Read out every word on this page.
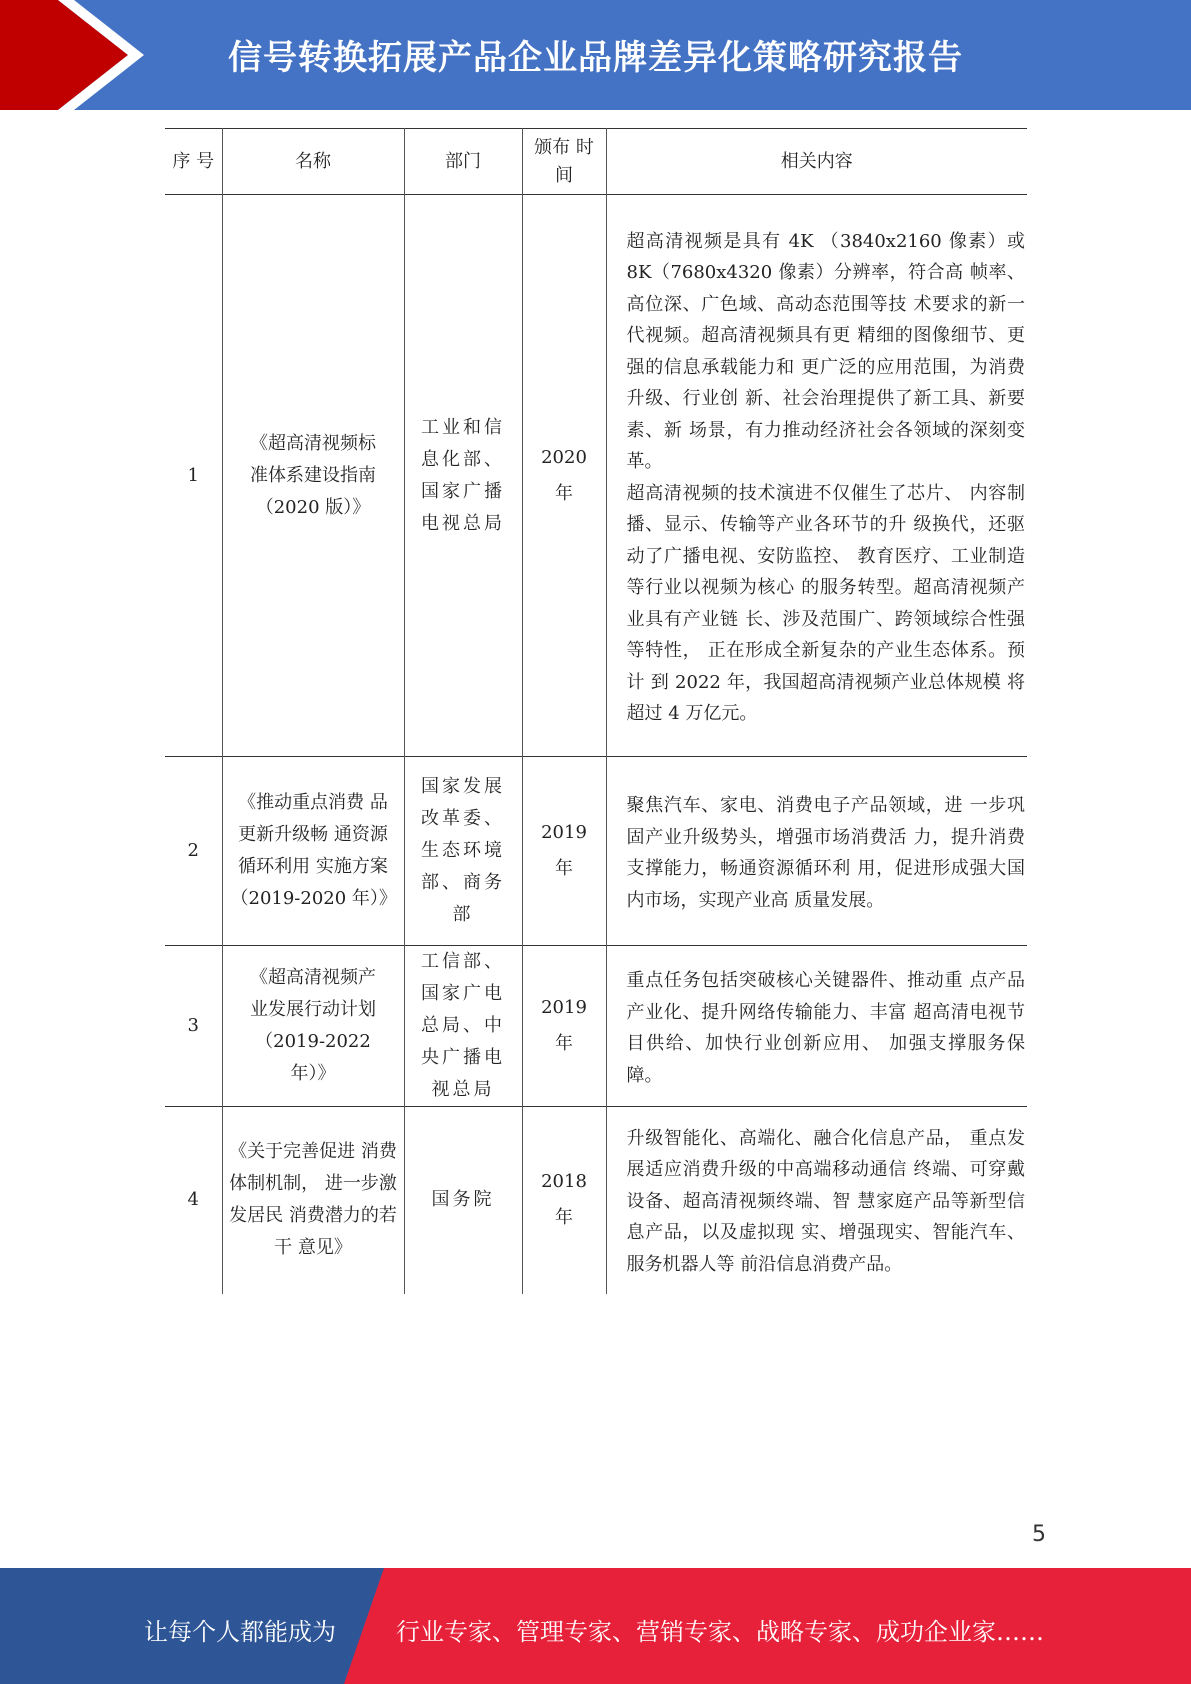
信号转换拓展产品企业品牌差异化策略研究报告
序 号	名称	部门	颁布 时间	相关内容
1	《超高清视频标准体系建设指南（2020 版）》	工业和信息化部、国家广播电视总局	2020 年	超高清视频是具有 4K （3840x2160 像素）或 8K（7680x4320 像素）分辨率，符合高 帧率、高位深、广色域、高动态范围等技 术要求的新一代视频。超高清视频具有更 精细的图像细节、更强的信息承载能力和 更广泛的应用范围，为消费升级、行业创 新、社会治理提供了新工具、新要素、新 场景，有力推动经济社会各领域的深刻变 革。

超高清视频的技术演进不仅催生了芯片、 内容制播、显示、传输等产业各环节的升 级换代，还驱动了广播电视、安防监控、 教育医疗、工业制造等行业以视频为核心 的服务转型。超高清视频产业具有产业链 长、涉及范围广、跨领域综合性强等特性， 正在形成全新复杂的产业生态体系。预计 到 2022 年，我国超高清视频产业总体规模 将超过 4 万亿元。

2	《推动重点消费 品更新升级畅 通资源循环利用 实施方案（2019-2020 年）》	国家发展改革委、生态环境部、商务部	2019 年	聚焦汽车、家电、消费电子产品领域，进 一步巩固产业升级势头，增强市场消费活 力，提升消费支撑能力，畅通资源循环利 用，促进形成强大国内市场，实现产业高 质量发展。

3	《超高清视频产业发展行动计划（2019-2022 年）》	工信部、国家广电总局、中央广播电视总局	2019 年	重点任务包括突破核心关键器件、推动重 点产品产业化、提升网络传输能力、丰富 超高清电视节目供给、加快行业创新应用、 加强支撑服务保障。

4	《关于完善促进 消费体制机制， 进一步激发居民 消费潜力的若干 意见》	国务院	2018 年	升级智能化、高端化、融合化信息产品， 重点发展适应消费升级的中高端移动通信 终端、可穿戴设备、超高清视频终端、智 慧家庭产品等新型信息产品，以及虚拟现 实、增强现实、智能汽车、服务机器人等 前沿信息消费产品。

5
让每个人都能成为	行业专家、管理专家、营销专家、战略专家、成功企业家……
